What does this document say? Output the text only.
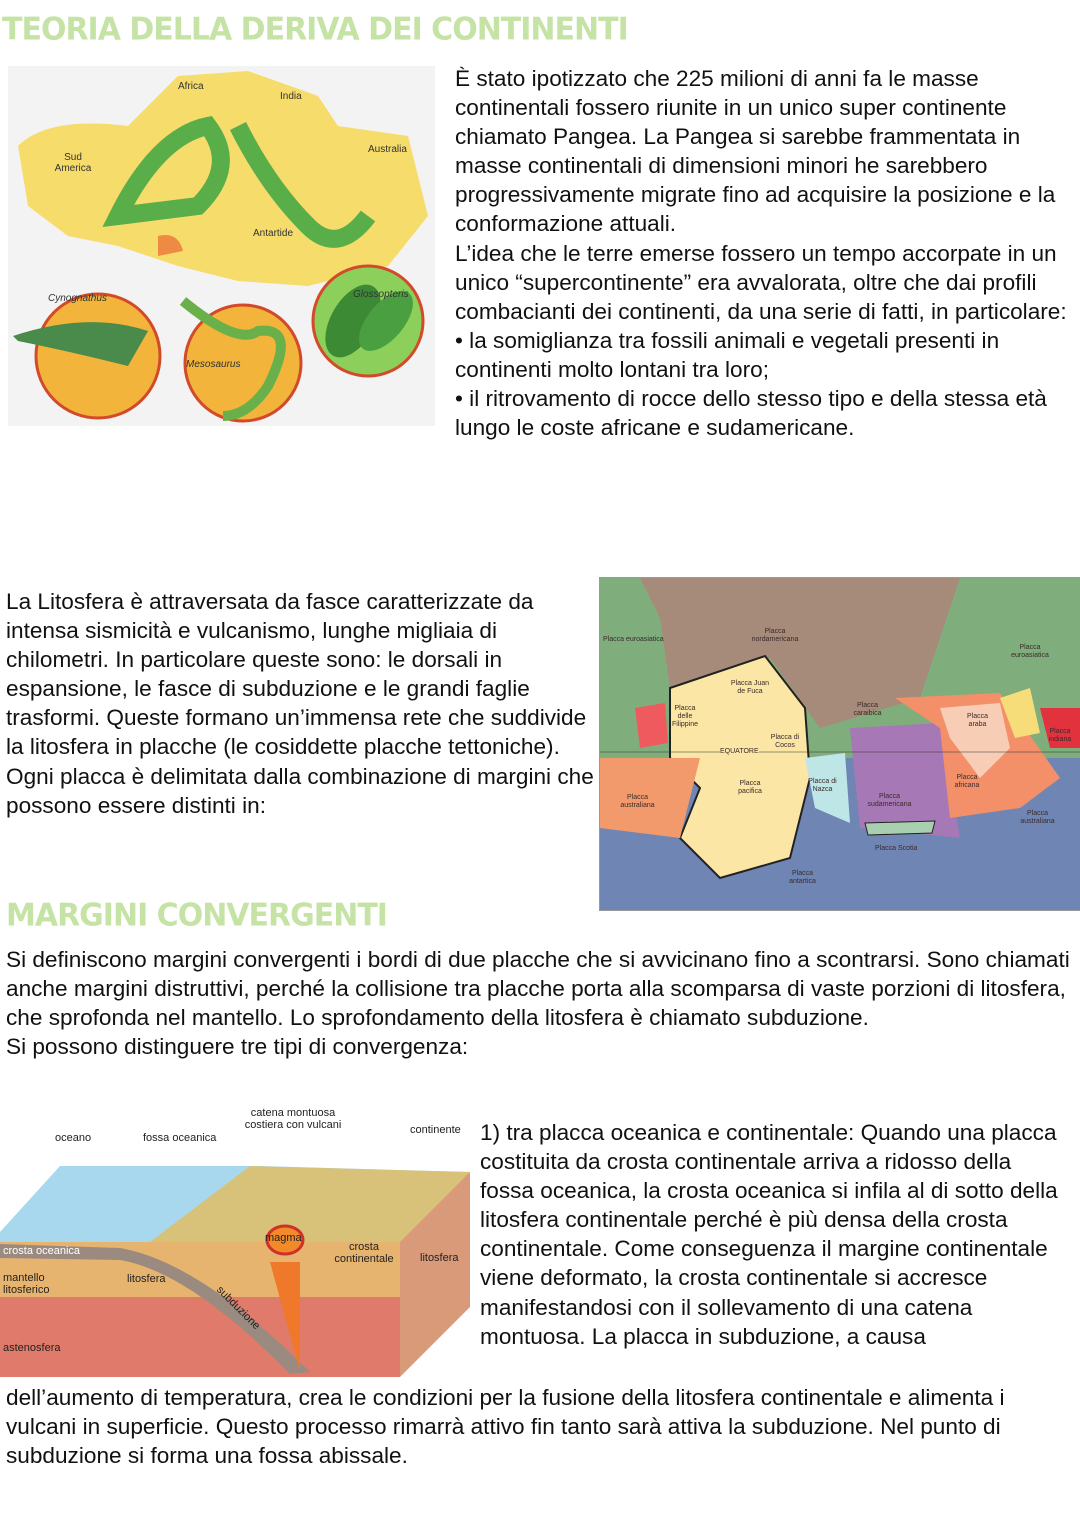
TEORIA DELLA DERIVA DEI CONTINENTI
Africa
India
Sud America
Australia
Antartide
Cynognathus	Glossopteris
Mesosaurus

È stato ipotizzato che 225 milioni di anni fa le masse continentali fossero riunite in un unico super continente chiamato Pangea. La Pangea si sarebbe frammentata in masse continentali di dimensioni minori he sarebbero progressivamente migrate fino ad acquisire la posizione e la conformazione attuali.

L’idea che le terre emerse fossero un tempo accorpate in un unico “supercontinente” era avvalorata, oltre che dai profili combacianti dei continenti, da una serie di fatti, in particolare:

• la somiglianza tra fossili animali e vegetali presenti in continenti molto lontani tra loro;

• il ritrovamento di rocce dello stesso tipo e della stessa età lungo le coste africane e sudamericane.

La Litosfera è attraversata da fasce caratterizzate da intensa sismicità e vulcanismo, lunghe migliaia di chilometri. In particolare queste sono: le dorsali in espansione, le fasce di subduzione e le grandi faglie trasformi. Queste formano un’immensa rete che suddivide la litosfera in placche (le cosiddette placche tettoniche). Ogni placca è delimitata dalla combinazione di margini che possono essere distinti in:
Placca euroasiatica
Placca nordamericana
Placca euroasiatica
Placca Juan de Fuca
Placca delle Filippine
Placca caraibica	Placca araba
Placca indiana
Placca di Cocos
EQUATORE
Placca australiana
Placca pacifica
Placca di Nazca
Placca sudamericana
Placca africana
Placca australiana
Placca Scotia
Placca antartica
MARGINI CONVERGENTI

Si definiscono margini convergenti i bordi di due placche che si avvicinano fino a scontrarsi. Sono chiamati anche margini distruttivi, perché la collisione tra placche porta alla scomparsa di vaste porzioni di litosfera, che sprofonda nel mantello. Lo sprofondamento della litosfera è chiamato subduzione.

Si possono distinguere tre tipi di convergenza:

oceano	fossa oceanica
catena montuosa costiera con vulcani	continente
magma
crosta oceanica	crosta continentale	litosfera
mantello litosferico
litosfera
subduzione
astenosfera
1) tra placca oceanica e continentale: Quando una placca costituita da crosta continentale arriva a ridosso della fossa oceanica, la crosta oceanica si infila al di sotto della litosfera continentale perché è più densa della crosta continentale. Come conseguenza il margine continentale viene deformato, la crosta continentale si accresce manifestandosi con il sollevamento di una catena montuosa. La placca in subduzione, a causa
dell’aumento di temperatura, crea le condizioni per la fusione della litosfera continentale e alimenta i vulcani in superficie. Questo processo rimarrà attivo fin tanto sarà attiva la subduzione. Nel punto di subduzione si forma una fossa abissale.
